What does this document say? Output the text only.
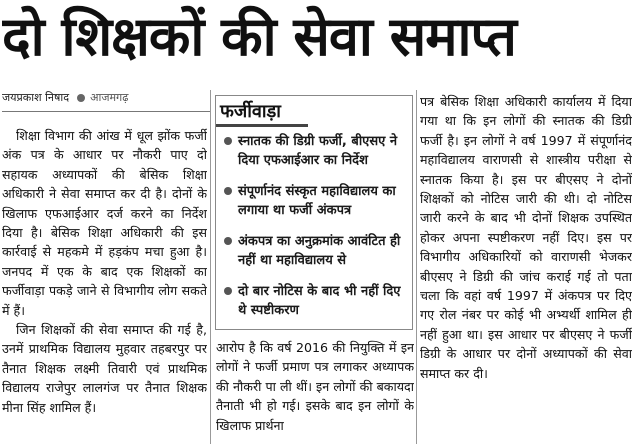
दो शिक्षकों की सेवा समाप्त
जयप्रकाश निषाद आजमगढ़

शिक्षा विभाग की आंख में धूल झोंक फर्जी अंक पत्र के आधार पर नौकरी पाए दो सहायक अध्यापकों की बेसिक शिक्षा अधिकारी ने सेवा समाप्त कर दी है। दोनों के खिलाफ एफआईआर दर्ज करने का निर्देश दिया है। बेसिक शिक्षा अधिकारी की इस कार्रवाई से महकमे में हड़कंप मचा हुआ है। जनपद में एक के बाद एक शिक्षकों का फर्जीवाड़ा पकड़े जाने से विभागीय लोग सकते में हैं।

जिन शिक्षकों की सेवा समाप्त की गई है, उनमें प्राथमिक विद्यालय मुहवार तहबरपुर पर तैनात शिक्षक लक्ष्मी तिवारी एवं प्राथमिक विद्यालय राजेपुर लालगंज पर तैनात शिक्षक मीना सिंह शामिल हैं।

फर्जीवाड़ा
स्नातक की डिग्री फर्जी, बीएसए ने दिया एफआईआर का निर्देश
संपूर्णानंद संस्कृत महाविद्यालय का लगाया था फर्जी अंकपत्र
अंकपत्र का अनुक्रमांक आवंटित ही नहीं था महाविद्यालय से
दो बार नोटिस के बाद भी नहीं दिए थे स्पष्टीकरण

आरोप है कि वर्ष 2016 की नियुक्ति में इन लोगों ने फर्जी प्रमाण पत्र लगाकर अध्यापक की नौकरी पा ली थीं। इन लोगों की बकायदा तैनाती भी हो गई। इसके बाद इन लोगों के खिलाफ प्रार्थना

पत्र बेसिक शिक्षा अधिकारी कार्यालय में दिया गया था कि इन लोगों की स्नातक की डिग्री फर्जी है। इन लोगों ने वर्ष 1997 में संपूर्णानंद महाविद्यालय वाराणसी से शास्त्रीय परीक्षा से स्नातक किया है। इस पर बीएसए ने दोनों शिक्षकों को नोटिस जारी की थी। दो नोटिस जारी करने के बाद भी दोनों शिक्षक उपस्थित होकर अपना स्पष्टीकरण नहीं दिए। इस पर विभागीय अधिकारियों को वाराणसी भेजकर बीएसए ने डिग्री की जांच कराई गई तो पता चला कि वहां वर्ष 1997 में अंकपत्र पर दिए गए रोल नंबर पर कोई भी अभ्यर्थी शामिल ही नहीं हुआ था। इस आधार पर बीएसए ने फर्जी डिग्री के आधार पर दोनों अध्यापकों की सेवा समाप्त कर दी।
